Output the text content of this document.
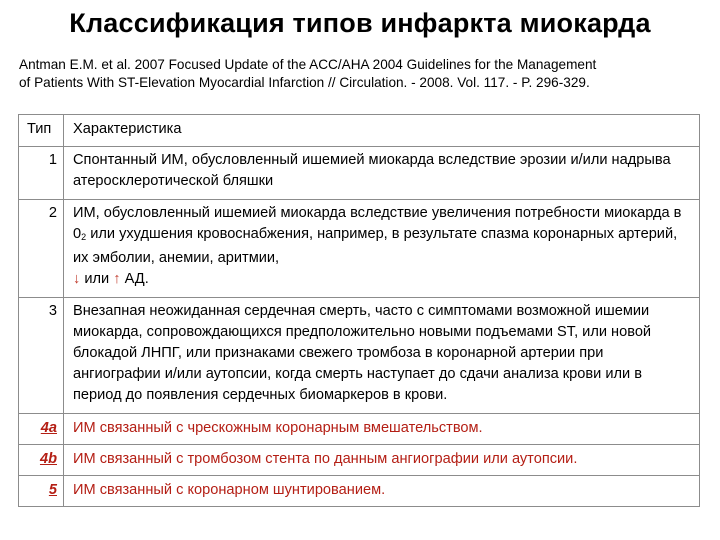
Классификация типов инфаркта миокарда
Antman E.M. et al. 2007 Focused Update of the ACC/AHA 2004 Guidelines for the Management
of Patients With ST-Elevation Myocardial Infarction // Circulation. - 2008. Vol. 117. - P. 296-329.
Тип	Характеристика
1	Спонтанный ИМ, обусловленный ишемией миокарда вследствие эрозии и/или надрыва атеросклеротической бляшки
2	ИМ, обусловленный ишемией миокарда вследствие увеличения потребности миокарда в $0_2$ или ухудшения кровоснабжения, например, в результате спазма коронарных артерий, их эмболии, анемии, аритмии,
↓ или ↑ АД.
3	Внезапная неожиданная сердечная смерть, часто с симптомами возможной ишемии миокарда, сопровождающихся предположительно новыми подъемами ST, или новой блокадой ЛНПГ, или признаками свежего тромбоза в коронарной артерии при ангиографии и/или аутопсии, когда смерть наступает до сдачи анализа крови или в период до появления сердечных биомаркеров в крови.
4a	ИМ связанный с чрескожным коронарным вмешательством.
4b	ИМ связанный с тромбозом стента по данным ангиографии или аутопсии.
5	ИМ связанный с коронарном шунтированием.
